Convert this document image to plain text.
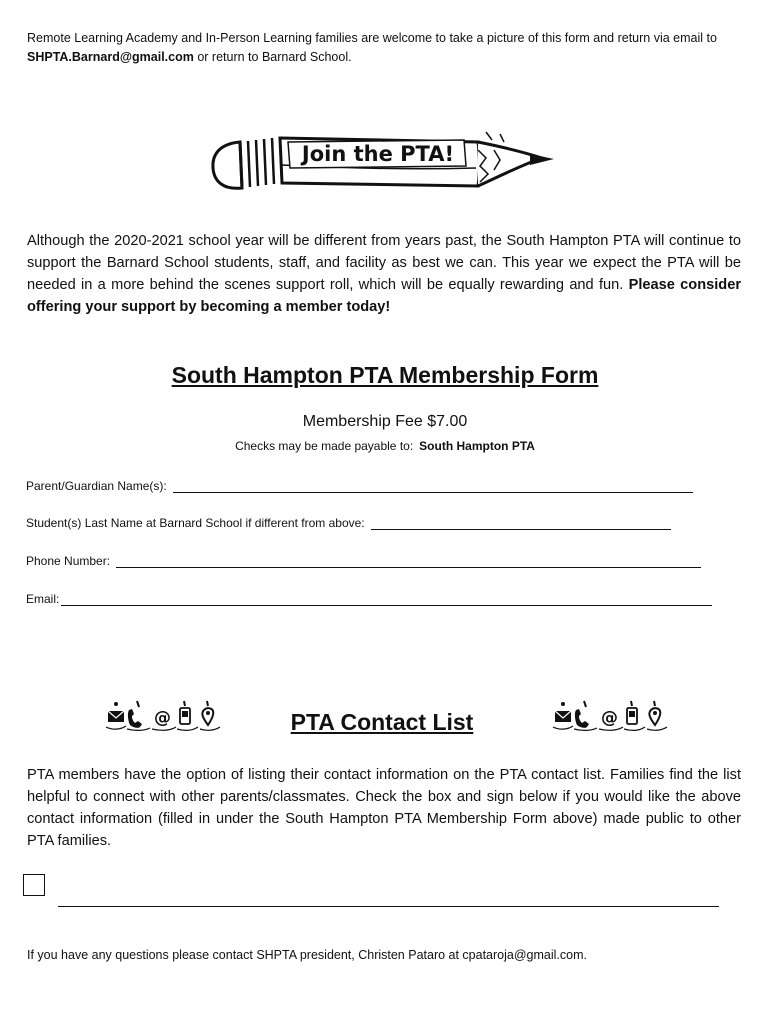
Remote Learning Academy and In-Person Learning families are welcome to take a picture of this form and return via email to SHPTA.Barnard@gmail.com or return to Barnard School.
Join the PTA!
Although the 2020-2021 school year will be different from years past, the South Hampton PTA will continue to support the Barnard School students, staff, and facility as best we can. This year we expect the PTA will be needed in a more behind the scenes support roll, which will be equally rewarding and fun. Please consider offering your support by becoming a member today!
South Hampton PTA Membership Form
Membership Fee $7.00
Checks may be made payable to: South Hampton PTA
Parent/Guardian Name(s):
Student(s) Last Name at Barnard School if different from above:
Phone Number:
Email:
@	@
PTA Contact List
PTA members have the option of listing their contact information on the PTA contact list. Families find the list helpful to connect with other parents/classmates. Check the box and sign below if you would like the above contact information (filled in under the South Hampton PTA Membership Form above) made public to other PTA families.
If you have any questions please contact SHPTA president, Christen Pataro at cpataroja@gmail.com.
